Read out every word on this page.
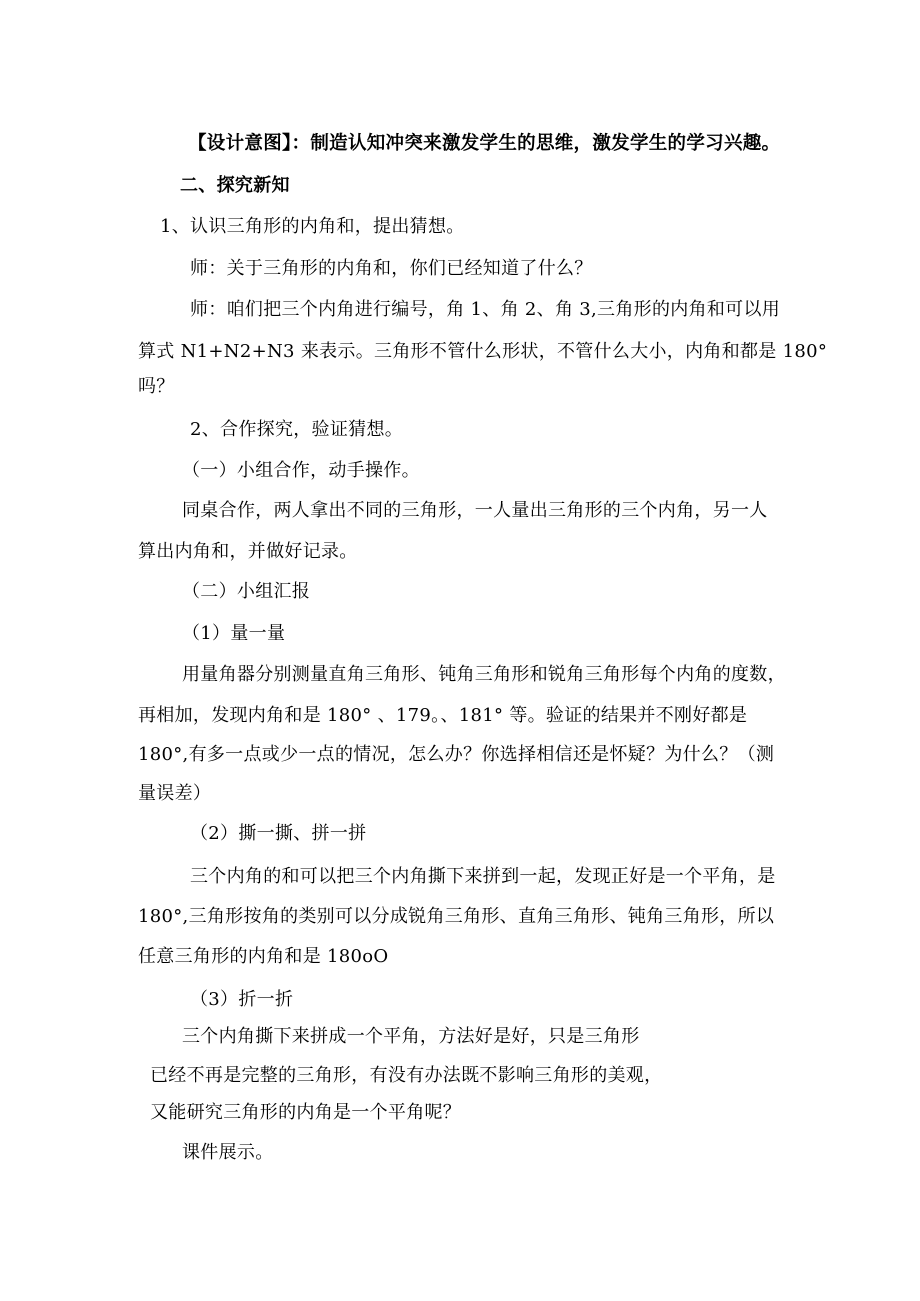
【设计意图】：制造认知冲突来激发学生的思维，激发学生的学习兴趣。
二、探究新知
1、认识三角形的内角和，提出猜想。
师：关于三角形的内角和，你们已经知道了什么？
师：咱们把三个内角进行编号，角 1、角 2、角 3,三角形的内角和可以用
算式 N1+N2+N3 来表示。三角形不管什么形状，不管什么大小，内角和都是 180°
吗？
2、合作探究，验证猜想。
（一）小组合作，动手操作。
同桌合作，两人拿出不同的三角形，一人量出三角形的三个内角，另一人
算出内角和，并做好记录。
（二）小组汇报
（1）量一量
用量角器分别测量直角三角形、钝角三角形和锐角三角形每个内角的度数，
再相加，发现内角和是 180° 、179。、181° 等。验证的结果并不刚好都是
180°,有多一点或少一点的情况，怎么办？你选择相信还是怀疑？为什么？（测
量误差）
（2）撕一撕、拼一拼
三个内角的和可以把三个内角撕下来拼到一起，发现正好是一个平角，是
180°,三角形按角的类别可以分成锐角三角形、直角三角形、钝角三角形，所以
任意三角形的内角和是 180oO
（3）折一折
三个内角撕下来拼成一个平角，方法好是好，只是三角形
已经不再是完整的三角形，有没有办法既不影响三角形的美观，
又能研究三角形的内角是一个平角呢？
课件展示。
